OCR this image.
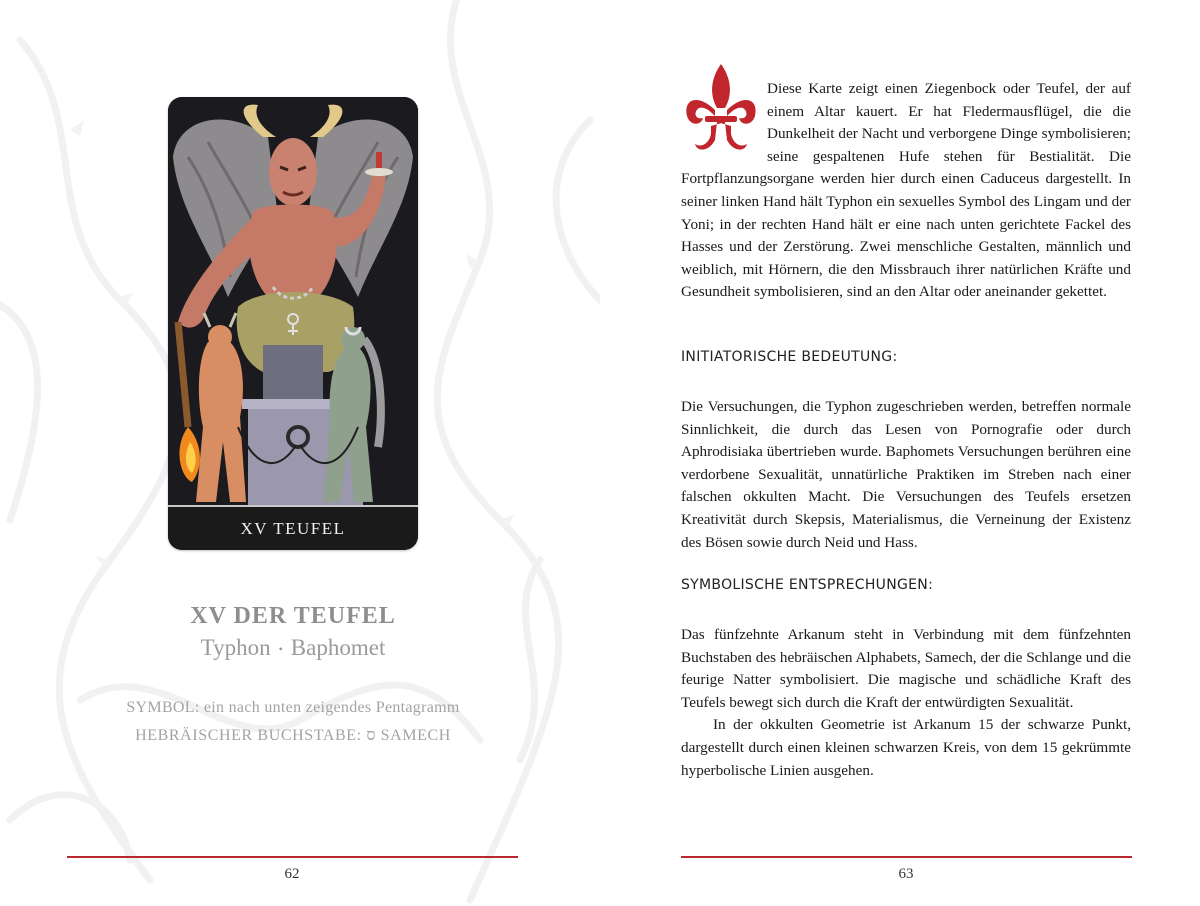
XV TEUFEL
XV DER TEUFEL
Typhon • Baphomet
SYMBOL: ein nach unten zeigendes Pentagramm
HEBRÄISCHER BUCHSTABE: ס SAMECH
62
Diese Karte zeigt einen Ziegenbock oder Teufel, der auf einem Altar kauert. Er hat Fledermausflügel, die die Dunkelheit der Nacht und verborgene Dinge symbolisieren; seine gespaltenen Hufe stehen für Bestialität. Die Fortpflanzungsorgane werden hier durch einen Caduceus dargestellt. In seiner linken Hand hält Typhon ein sexuelles Symbol des Lingam und der Yoni; in der rechten Hand hält er eine nach unten gerichtete Fackel des Hasses und der Zerstörung. Zwei menschliche Gestalten, männlich und weiblich, mit Hörnern, die den Missbrauch ihrer natürlichen Kräfte und Gesundheit symbolisieren, sind an den Altar oder aneinander gekettet.
INITIATORISCHE BEDEUTUNG:

Die Versuchungen, die Typhon zugeschrieben werden, betreffen normale Sinnlichkeit, die durch das Lesen von Pornografie oder durch Aphrodisiaka übertrieben wurde. Baphomets Versuchungen berühren eine verdorbene Sexualität, unnatürliche Praktiken im Streben nach einer falschen okkulten Macht. Die Versuchungen des Teufels ersetzen Kreativität durch Skepsis, Materialismus, die Verneinung der Existenz des Bösen sowie durch Neid und Hass.

SYMBOLISCHE ENTSPRECHUNGEN:

Das fünfzehnte Arkanum steht in Verbindung mit dem fünfzehnten Buchstaben des hebräischen Alphabets, Samech, der die Schlange und die feurige Natter symbolisiert. Die magische und schädliche Kraft des Teufels bewegt sich durch die Kraft der entwürdigten Sexualität.

In der okkulten Geometrie ist Arkanum 15 der schwarze Punkt, dargestellt durch einen kleinen schwarzen Kreis, von dem 15 gekrümmte hyperbolische Linien ausgehen.

63
